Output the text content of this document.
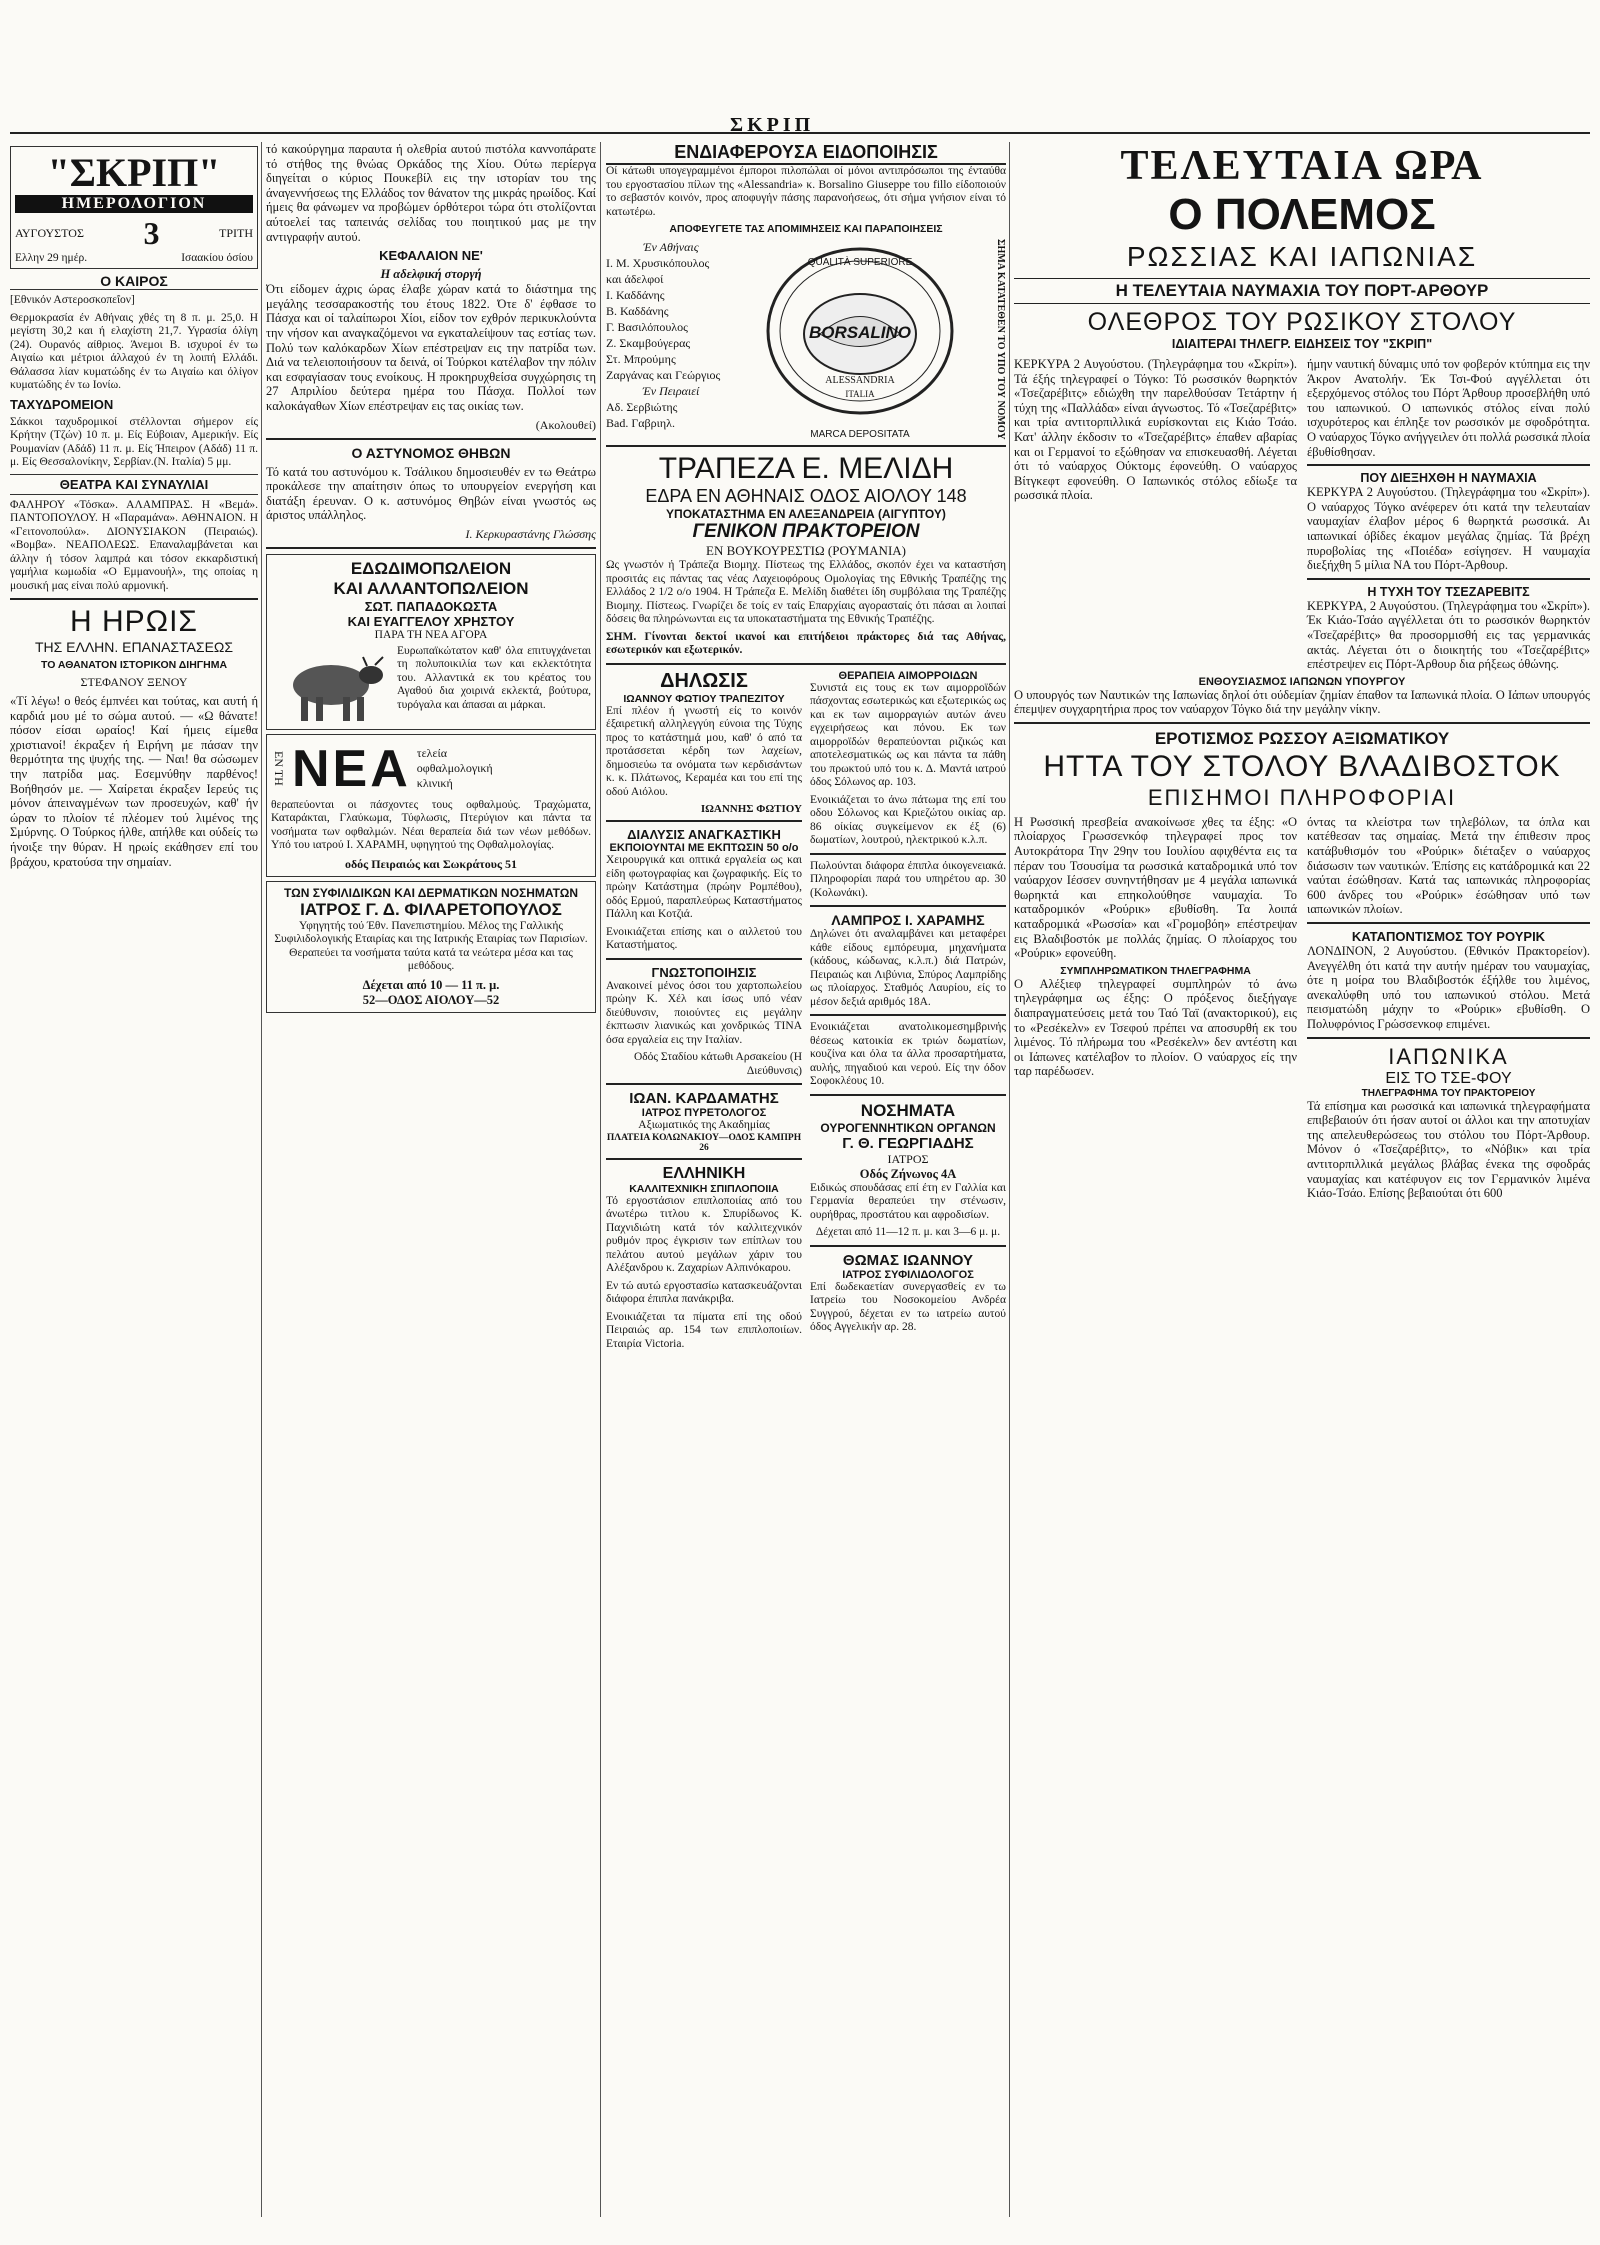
ΣΚΡΙΠ
"ΣΚΡΙΠ"
ΗΜΕΡΟΛΟΓΙΟΝ
ΑΥΓΟΥΣΤΟΣ 3	ΤΡΙΤΗ
Ελλην 29 ημέρ.	Ισαακίου όσίου
Ο ΚΑΙΡΟΣ

[Εθνικόν Αστεροσκοπεΐον]

Θερμοκρασία έν Αθήναις χθές τη 8 π. μ. 25,0. Η μεγίστη 30,2 και ή ελαχίστη 21,7. Υγρασία όλίγη (24). Ουρανός αίθριος. Άνεμοι Β. ισχυροί έν τω Αιγαίω και μέτριοι άλλαχού έν τη λοιπή Ελλάδι. Θάλασσα λίαν κυματώδης έν τω Αιγαίω και όλίγον κυματώδης έν τω Ιονίω.

ΤΑΧΥΔΡΟΜΕΙΟΝ

Σάκκοι ταχυδρομικοί στέλλονται σήμερον είς Κρήτην (Τζών) 10 π. μ. Είς Εύβοιαν, Αμερικήν. Είς Ρουμανίαν (Αδάδ) 11 π. μ. Είς Ήπειρον (Αδάδ) 11 π. μ. Είς Θεσσαλονίκην, Σερβίαν.(Ν. Ιταλία) 5 μμ.

ΘΕΑΤΡΑ ΚΑΙ ΣΥΝΑΥΛΙΑΙ

ΦΑΛΗΡΟΥ «Τόσκα». ΑΛΑΜΠΡΑΣ. Η «Βεμά». ΠΑΝΤΟΠΟΥΛΟΥ. Η «Παραμάνα». ΑΘΗΝΑΙΟΝ. Η «Γειτονοπούλα». ΔΙΟΝΥΣΙΑΚΟΝ (Πειραιώς). «Βομβα». ΝΕΑΠΟΛΕΩΣ. Επαναλαμβάνεται και άλλην ή τόσον λαμπρά και τόσον εκκαρδιστική γαμήλια κωμωδία «Ο Εμμανουήλ», της οποίας η μουσική μας είναι πολύ αρμονική.

Η ΗΡΩΙΣ
ΤΗΣ ΕΛΛΗΝ. ΕΠΑΝΑΣΤΑΣΕΩΣ
ΤΟ ΑΘΑΝΑΤΟΝ ΙΣΤΟΡΙΚΟΝ ΔΙΗΓΗΜΑ
ΣΤΕΦΑΝΟΥ ΞΕΝΟΥ

«Τί λέγω! ο θεός έμπνέει και τούτας, και αυτή ή καρδιά μου μέ το σώμα αυτού. — «Ω θάνατε! πόσον είσαι ωραίος! Καί ήμεις είμεθα χριστιανοί! έκραξεν ή Ειρήνη με πάσαν την θερμότητα της ψυχής της. — Ναι! θα σώσωμεν την πατρίδα μας. Εσεμνύθην παρθένος! Βοήθησόν με. — Χαίρεται έκραξεν Ιερεύς τις μόνον άπειναγμένων των προσευχών, καθ' ήν ώραν το πλοίον τέ πλέομεν τού λιμένος της Σμύρνης. Ο Τούρκος ήλθε, απήλθε και ούδείς τω ήνοιξε την θύραν. Η ηρωίς εκάθησεν επί του βράχου, κρατούσα την σημαίαν.

τό κακούργημα παραυτα ή ολεθρία αυτού πιστόλα καννοπάρατε τό στήθος της θνώας Ορκάδος της Χίου. Ούτω περίεργα διηγείται ο κύριος Πουκεβίλ εις την ιστορίαν του της άναγεννήσεως της Ελλάδος τον θάνατον της μικράς ηρωίδος. Καί ήμεις θα φάνωμεν να προβώμεν όρθότεροι τώρα ότι στολίζονται αύτοελεί τας ταπεινάς σελίδας του ποιητικού μας με την αντιγραφήν αυτού.

ΚΕΦΑΛΑΙΟΝ ΝΕ'
Η αδελφική στοργή

Ότι είδομεν άχρις ώρας έλαβε χώραν κατά το διάστημα της μεγάλης τεσσαρακοστής του έτους 1822. Ότε δ' έφθασε το Πάσχα και οί ταλαίπωροι Χίοι, είδον τον εχθρόν περικυκλούντα την νήσον και αναγκαζόμενοι να εγκαταλείψουν τας εστίας των. Πολύ των καλόκαρδων Χίων επέστρεψαν εις την πατρίδα των. Διά να τελειοποιήσουν τα δεινά, οί Τούρκοι κατέλαβον την πόλιν και εσφαγίασαν τους ενοίκους. Η προκηρυχθείσα συγχώρησις τη 27 Απριλίου δεύτερα ημέρα του Πάσχα. Πολλοί των καλοκάγαθων Χίων επέστρεψαν εις τας οικίας των.

(Ακολουθεί)
Ο ΑΣΤΥΝΟΜΟΣ ΘΗΒΩΝ

Τό κατά του αστυνόμου κ. Τσάλικου δημοσιευθέν εν τω Θεάτρω προκάλεσε την απαίτησιν όπως το υπουργείον ενεργήση και διατάξη έρευναν. Ο κ. αστυνόμος Θηβών είναι γνωστός ως άριστος υπάλληλος.

Ι. Κερκυραστάνης Γλώσσης
ΕΔΩΔΙΜΟΠΩΛΕΙΟΝ
ΚΑΙ ΑΛΛΑΝΤΟΠΩΛΕΙΟΝ
ΣΩΤ. ΠΑΠΑΔΟΚΩΣΤΑ
ΚΑΙ ΕΥΑΓΓΕΛΟΥ ΧΡΗΣΤΟΥ
ΠΑΡΑ ΤΗ ΝΕΑ ΑΓΟΡΑ

Ευρωπαϊκώτατον καθ' όλα επιτυγχάνεται τη πολυποικιλία των και εκλεκτότητα του. Αλλαντικά εκ του κρέατος του Αγαθού δια χοιρινά εκλεκτά, βούτυρα, τυρόγαλα και άπασαι αι μάρκαι.

ΕΝ ΤΗ ΝΕΑ τελεία οφθαλμολογική κλινική

θεραπεύονται οι πάσχοντες τους οφθαλμούς. Τραχώματα, Καταράκται, Γλαύκωμα, Τύφλωσις, Πτερύγιον και πάντα τα νοσήματα των οφθαλμών. Νέαι θεραπεία διά των νέων μεθόδων. Υπό του ιατρού Ι. ΧΑΡΑΜΗ, υφηγητού της Οφθαλμολογίας.

οδός Πειραιώς και Σωκράτους 51
ΤΩΝ ΣΥΦΙΛΙΔΙΚΩΝ ΚΑΙ ΔΕΡΜΑΤΙΚΩΝ ΝΟΣΗΜΑΤΩΝ
ΙΑΤΡΟΣ Γ. Δ. ΦΙΛΑΡΕΤΟΠΟΥΛΟΣ

Υφηγητής τού Έθν. Πανεπιστημίου. Μέλος της Γαλλικής Συφιλιδολογικής Εταιρίας και της Ιατρικής Εταιρίας των Παρισίων. Θεραπεύει τα νοσήματα ταύτα κατά τα νεώτερα μέσα και τας μεθόδους.

Δέχεται από 10 — 11 π. μ.
52—ΟΔΟΣ ΑΙΟΛΟΥ—52
ΕΝΔΙΑΦΕΡΟΥΣΑ ΕΙΔΟΠΟΙΗΣΙΣ

Οί κάτωθι υπογεγραμμένοι έμποροι πιλοπώλαι οί μόνοι αντιπρόσωποι της ένταύθα του εργοστασίου πίλων της «Alessandria» κ. Borsalino Giuseppe του fillo είδοποιούν το σεβαστόν κοινόν, προς αποφυγήν πάσης παρανοήσεως, ότι σήμα γνήσιον είναι τό κατωτέρω.

ΑΠΟΦΕΥΓΕΤΕ ΤΑΣ ΑΠΟΜΙΜΗΣΕΙΣ ΚΑΙ ΠΑΡΑΠΟΙΗΣΕΙΣ
Έν Αθήναις
Ι. Μ. Χρυσικόπουλος
και άδελφοί
Ι. Καδδάνης
Β. Καδδάνης
Γ. Βασιλόπουλος
Ζ. Σκαμβούγερας
Στ. Μπρούμης
Ζαργάνας και Γεώργιος
Έν Πειραιεί
Αδ. Σερβιώτης
Bad. Γαβριηλ.
QUALITÀ SUPERIORE
BORSALINO
ALESSANDRIA
ITALIA
MARCA DEPOSITATA	ΣΗΜΑ ΚΑΤΑΤΕΘΕΝ ΤΟ ΥΠΟ ΤΟΥ ΝΟΜΟΥ
ΤΡΑΠΕΖΑ Ε. ΜΕΛΙΔΗ
ΕΔΡΑ ΕΝ ΑΘΗΝΑΙΣ ΟΔΟΣ ΑΙΟΛΟΥ 148
ΥΠΟΚΑΤΑΣΤΗΜΑ ΕΝ ΑΛΕΞΑΝΔΡΕΙΑ (ΑΙΓΥΠΤΟΥ)
ΓΕΝΙΚΟΝ ΠΡΑΚΤΟΡΕΙΟΝ
ΕΝ ΒΟΥΚΟΥΡΕΣΤΙΩ (ΡΟΥΜΑΝΙΑ)

Ως γνωστόν ή Τράπεζα Βιομηχ. Πίστεως της Ελλάδος, σκοπόν έχει να καταστήση προσιτάς εις πάντας τας νέας Λαχειοφόρους Ομολογίας της Εθνικής Τραπέζης της Ελλάδος 2 1/2 ο/ο 1904. Η Τράπεζα Ε. Μελίδη διαθέτει ίδη συμβόλαια της Τραπέζης Βιομηχ. Πίστεως. Γνωρίζει δε τοίς εν ταίς Επαρχίαις αγορασταίς ότι πάσαι αι λοιπαί δόσεις θα πληρώνωνται εις τα υποκαταστήματα της Εθνικής Τραπέζης.

ΣΗΜ. Γίνονται δεκτοί ικανοί και επιτήδειοι πράκτορες διά τας Αθήνας, εσωτερικόν και εξωτερικόν.

ΔΗΛΩΣΙΣ
ΙΩΑΝΝΟΥ ΦΩΤΙΟΥ ΤΡΑΠΕΖΙΤΟΥ

Επί πλέον ή γνωστή είς το κοινόν έξαιρετική αλληλεγγύη εύνοια της Τύχης προς το κατάστημά μου, καθ' ό από τα προτάσσεται κέρδη των λαχείων, δημοσιεύω τα ονόματα των κερδισάντων κ. κ. Πλάτωνος, Κεραμέα και του επί της οδού Αιόλου.

ΙΩΑΝΝΗΣ ΦΩΤΙΟΥ
ΔΙΑΛΥΣΙΣ ΑΝΑΓΚΑΣΤΙΚΗ
ΕΚΠΟΙΟΥΝΤΑΙ ΜΕ ΕΚΠΤΩΣΙΝ 50 ο/ο

Χειρουργικά και οπτικά εργαλεία ως και είδη φωτογραφίας και ζωγραφικής. Είς το πρώην Κατάστημα (πρώην Ρομπέθου), οδός Ερμού, παραπλεύρως Καταστήματος Πάλλη και Κοτζιά.

Ενοικιάζεται επίσης και ο αιλλετού του Καταστήματος.

ΓΝΩΣΤΟΠΟΙΗΣΙΣ

Ανακοινεί μένος όσοι του χαρτοπωλείου πρώην Κ. Χέλ και ίσως υπό νέαν διεύθυνσιν, ποιούντες εις μεγάλην έκπτωσιν λιανικώς και χονδρικώς ΤΙΝΑ όσα εργαλεία εις την Ιταλίαν.

Οδός Σταδίου κάτωθι Αρσακείου (Η Διεύθυνσις)

ΙΩΑΝ. ΚΑΡΔΑΜΑΤΗΣ
ΙΑΤΡΟΣ ΠΥΡΕΤΟΛΟΓΟΣ
Αξιωματικός της Ακαδημίας
ΠΛΑΤΕΙΑ ΚΟΛΩΝΑΚΙΟΥ—ΟΔΟΣ ΚΑΜΠΡΗ 26
ΕΛΛΗΝΙΚΗ
ΚΑΛΛΙΤΕΧΝΙΚΗ ΣΠΙΠΛΟΠΟΙΙΑ

Τό εργοστάσιον επιπλοποιίας από του άνωτέρω τιτλου κ. Σπυρίδωνος Κ. Παχνιδιώτη κατά τόν καλλιτεχνικόν ρυθμόν προς έγκρισιν των επίπλων του πελάτου αυτού μεγάλων χάριν του Αλέξανδρου κ. Ζαχαρίων Αλπινόκαρου.

Εν τώ αυτώ εργοστασίω κατασκευάζονται διάφορα έπιπλα πανάκριβα.

Ενοικιάζεται τα πίματα επί της οδού Πειραιώς αρ. 154 των επιπλοποιίων. Εταιρία Victoria.

ΘΕΡΑΠΕΙΑ ΑΙΜΟΡΡΟΙΔΩΝ

Συνιστά εις τους εκ των αιμορροϊδών πάσχοντας εσωτερικώς και εξωτερικώς ως και εκ των αιμορραγιών αυτών άνευ εγχειρήσεως και πόνου. Εκ των αιμορροϊδών θεραπεύονται ριζικώς και αποτελεσματικώς ως και πάντα τα πάθη του πρωκτού υπό του κ. Δ. Μαντά ιατρού όδος Σόλωνος αρ. 103.

Ενοικιάζεται το άνω πάτωμα της επί του οδου Σόλωνος και Κριεζώτου οικίας αρ. 86 οίκίας συγκείμενον εκ έξ (6) δωματίων, λουτρού, ηλεκτρικού κ.λ.π.

Πωλούνται διάφορα έπιπλα όικογενειακά. Πληροφορίαι παρά του υπηρέτου αρ. 30 (Κολωνάκι).

ΛΑΜΠΡΟΣ Ι. ΧΑΡΑΜΗΣ

Δηλώνει ότι αναλαμβάνει και μεταφέρει κάθε είδους εμπόρευμα, μηχανήματα (κάδους, κώδωνας, κ.λ.π.) διά Πατρών, Πειραιώς και Λιβύνια, Σπύρος Λαμπρίδης ως πλοίαρχος. Σταθμός Λαυρίου, είς το μέσον δεξιά αριθμός 18Α.

Ενοικιάζεται ανατολικομεσημβρινής θέσεως κατοικία εκ τριών δωματίων, κουζίνα και όλα τα άλλα προσαρτήματα, αυλής, πηγαδιού και νερού. Είς την όδον Σοφοκλέους 10.

ΝΟΣΗΜΑΤΑ
ΟΥΡΟΓΕΝΝΗΤΙΚΩΝ ΟΡΓΑΝΩΝ
Γ. Θ. ΓΕΩΡΓΙΑΔΗΣ
ΙΑΤΡΟΣ
Οδός Ζήνωνος 4Α

Ειδικώς σπουδάσας επί έτη εν Γαλλία και Γερμανία θεραπεύει την στένωσιν, ουρήθρας, προστάτου και αφροδισίων.

Δέχεται από 11—12 π. μ. και 3—6 μ. μ.

ΘΩΜΑΣ ΙΩΑΝΝΟΥ
ΙΑΤΡΟΣ ΣΥΦΙΛΙΔΟΛΟΓΟΣ

Επί δωδεκαετίαν συνεργασθείς εν τω Ιατρείω του Νοσοκομείου Ανδρέα Συγγρού, δέχεται εν τω ιατρείω αυτού όδος Αγγελικήν αρ. 28.

ΤΕΛΕΥΤΑΙΑ ΩΡΑ
Ο ΠΟΛΕΜΟΣ
ΡΩΣΣΙΑΣ ΚΑΙ ΙΑΠΩΝΙΑΣ
Η ΤΕΛΕΥΤΑΙΑ ΝΑΥΜΑΧΙΑ ΤΟΥ ΠΟΡΤ-ΑΡΘΟΥΡ
ΟΛΕΘΡΟΣ ΤΟΥ ΡΩΣΙΚΟΥ ΣΤΟΛΟΥ
ΙΔΙΑΙΤΕΡΑΙ ΤΗΛΕΓΡ. ΕΙΔΗΣΕΙΣ ΤΟΥ "ΣΚΡΙΠ"

ΚΕΡΚΥΡΑ 2 Αυγούστου. (Τηλεγράφημα του «Σκρίπ»). Τά έξής τηλεγραφεί ο Τόγκο: Τό ρωσσικόν θωρηκτόν «Τσεζαρέβιτς» εδιώχθη την παρελθούσαν Τετάρτην ή τύχη της «Παλλάδα» είναι άγνωστος. Τό «Τσεζαρέβιτς» και τρία αντιτορπιλλικά ευρίσκονται εις Κιάο Τσάο. Κατ' άλλην έκδοσιν το «Τσεζαρέβιτς» έπαθεν αβαρίας και οι Γερμανοί το εξώθησαν να επισκευασθή. Λέγεται ότι τό ναύαρχος Ούκτομς έφονεύθη. Ο ναύαρχος Βίτγκεφτ εφονεύθη. Ο Ιαπωνικός στόλος εδίωξε τα ρωσσικά πλοία.

ήμην ναυτική δύναμις υπό τον φοβερόν κτύπημα εις την Άκρον Ανατολήν. Έκ Τσι-Φού αγγέλλεται ότι εξερχόμενος στόλος του Πόρτ Άρθουρ προσεβλήθη υπό του ιαπωνικού. Ο ιαπωνικός στόλος είναι πολύ ισχυρότερος και έπληξε τον ρωσσικόν με σφοδρότητα. Ο ναύαρχος Τόγκο ανήγγειλεν ότι πολλά ρωσσικά πλοία έβυθίσθησαν.

ΠΟΥ ΔΙΕΞΗΧΘΗ Η ΝΑΥΜΑΧΙΑ

ΚΕΡΚΥΡΑ 2 Αυγούστου. (Τηλεγράφημα του «Σκρίπ»). Ο ναύαρχος Τόγκο ανέφερεν ότι κατά την τελευταίαν ναυμαχίαν έλαβον μέρος 6 θωρηκτά ρωσσικά. Αι ιαπωνικαί όβίδες έκαμον μεγάλας ζημίας. Τά βρέχη πυροβολίας της «Ποιέδα» εσίγησεν. Η ναυμαχία διεξήχθη 5 μίλια ΝΑ του Πόρτ-Άρθουρ.

Η ΤΥΧΗ ΤΟΥ ΤΣΕΖΑΡΕΒΙΤΣ

ΚΕΡΚΥΡΑ, 2 Αυγούστου. (Τηλεγράφημα του «Σκρίπ»). Έκ Κιάο-Τσάο αγγέλλεται ότι το ρωσσικόν θωρηκτόν «Τσεζαρέβιτς» θα προσορμισθή εις τας γερμανικάς ακτάς. Λέγεται ότι ο διοικητής του «Τσεζαρέβιτς» επέστρεψεν εις Πόρτ-Άρθουρ δια ρήξεως όθώνης.

ΕΝΘΟΥΣΙΑΣΜΟΣ ΙΑΠΩΝΩΝ ΥΠΟΥΡΓΟΥ

Ο υπουργός των Ναυτικών της Ιαπωνίας δηλοί ότι ούδεμίαν ζημίαν έπαθον τα Ιαπωνικά πλοία. Ο Ιάπων υπουργός έπεμψεν συγχαρητήρια προς τον ναύαρχον Τόγκο διά την μεγάλην νίκην.

ΕΡΟΤΙΣΜΟΣ ΡΩΣΣΟΥ ΑΞΙΩΜΑΤΙΚΟΥ
ΗΤΤΑ ΤΟΥ ΣΤΟΛΟΥ ΒΛΑΔΙΒΟΣΤΟΚ
ΕΠΙΣΗΜΟΙ ΠΛΗΡΟΦΟΡΙΑΙ

Η Ρωσσική πρεσβεία ανακοίνωσε χθες τα έξης: «Ο πλοίαρχος Γρωσσενκόφ τηλεγραφεί προς τον Αυτοκράτορα Την 29ην του Ιουλίου αφιχθέντα εις τα πέραν του Τσουσίμα τα ρωσσικά καταδρομικά υπό τον ναύαρχον Ιέσσεν συνηντήθησαν με 4 μεγάλα ιαπωνικά θωρηκτά και επηκολούθησε ναυμαχία. Το καταδρομικόν «Ρούρικ» εβυθίσθη. Τα λοιπά καταδρομικά «Ρωσσία» και «Γρομοβόη» επέστρεψαν εις Βλαδιβοστόκ με πολλάς ζημίας. Ο πλοίαρχος του «Ρούρικ» εφονεύθη.

ΣΥΜΠΛΗΡΩΜΑΤΙΚΟΝ ΤΗΛΕΓΡΑΦΗΜΑ

Ο Αλέξιεφ τηλεγραφεί συμπληρών τό άνω τηλεγράφημα ως έξης: Ο πρόξενος διεξήγαγε διαπραγματεύσεις μετά του Ταό Ταϊ (ανακτορικού), εις το «Ρεσέκελν» εν Τσεφού πρέπει να αποσυρθή εκ του λιμένος. Τό πλήρωμα του «Ρεσέκελν» δεν αντέστη και οι Ιάπωνες κατέλαβον το πλοίον. Ο ναύαρχος είς την ταρ παρέδωσεν.

όντας τα κλείστρα των τηλεβόλων, τα όπλα και κατέθεσαν τας σημαίας. Μετά την έπιθεσιν προς κατάβυθισμόν του «Ρούρικ» διέταξεν ο ναύαρχος διάσωσιν των ναυτικών. Έπίσης εις κατάδρομικά και 22 ναύται έσώθησαν. Κατά τας ιαπωνικάς πληροφορίας 600 άνδρες του «Ρούρικ» έσώθησαν υπό των ιαπωνικών πλοίων.

ΚΑΤΑΠΟΝΤΙΣΜΟΣ ΤΟΥ ΡΟΥΡΙΚ

ΛΟΝΔΙΝΟΝ, 2 Αυγούστου. (Εθνικόν Πρακτορείον). Ανεγγέλθη ότι κατά την αυτήν ημέραν του ναυμαχίας, ότε η μοίρα του Βλαδιβοστόκ έξήλθε του λιμένος, ανεκαλύφθη υπό του ιαπωνικού στόλου. Μετά πεισματώδη μάχην το «Ρούρικ» εβυθίσθη. Ο Πολυφρόνιος Γρώσσενκοφ επιμένει.

ΙΑΠΩΝΙΚΑ
ΕΙΣ ΤΟ ΤΣΕ-ΦΟΥ
ΤΗΛΕΓΡΑΦΗΜΑ ΤΟΥ ΠΡΑΚΤΟΡΕΙΟΥ

Τά επίσημα και ρωσσικά και ιαπωνικά τηλεγραφήματα επιβεβαιούν ότι ήσαν αυτοί οι άλλοι και την αποτυχίαν της απελευθερώσεως του στόλου του Πόρτ-Άρθουρ. Μόνον ό «Τσεζαρέβιτς», το «Νόβικ» και τρία αντιτορπιλλικά μεγάλως βλάβας ένεκα της σφοδράς ναυμαχίας και κατέφυγον εις τον Γερμανικόν λιμένα Κιάο-Τσάο. Επίσης βεβαιούται ότι 600
